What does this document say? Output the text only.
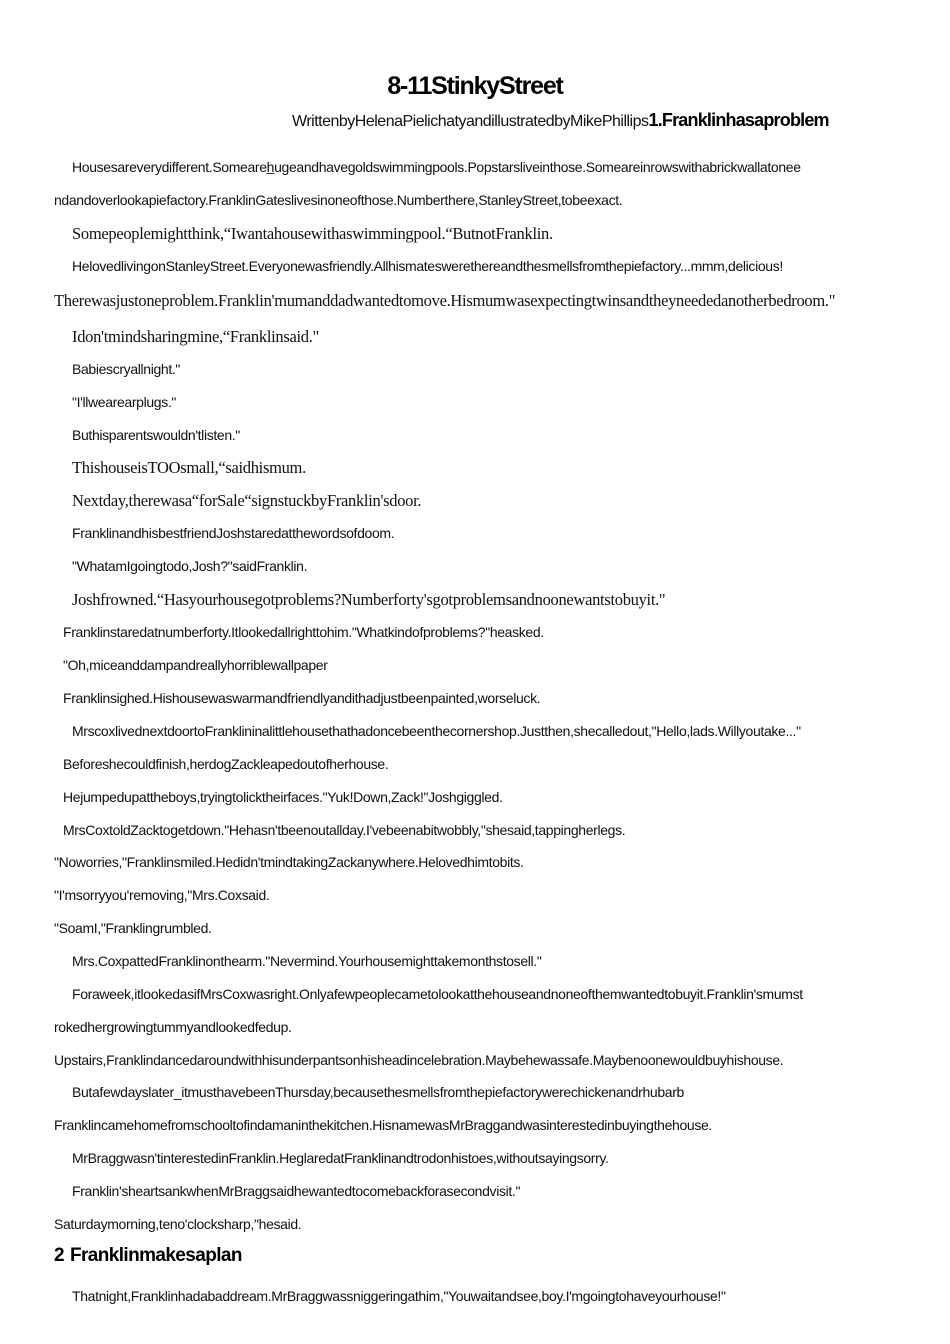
8-11StinkyStreet
WrittenbyHelenaPielichatyandillustratedbyMikePhillips1.Franklinhasaproblem

Housesareverydifferent.Someareh̲ugeandhavegoldswimmingpools.Popstarsliveinthose.Someareinrowswithabrickwallatonee

ndandoverlookapiefactory.FranklinGateslivesinoneofthose.Numberthere,StanleyStreet,tobeexact.

Somepeoplemightthink,“Iwantahousewithaswimmingpool.“ButnotFranklin.

HelovedlivingonStanleyStreet.Everyonewasfriendly.Allhismateswerethereandthesmellsfromthepiefactory...mmm,delicious!

Therewasjustoneproblem.Franklin'mumanddadwantedtomove.Hismumwasexpectingtwinsandtheyneededanotherbedroom."

Idon'tmindsharingmine,“Franklinsaid."

Babiescryallnight."

"I'llwearearplugs."

Buthisparentswouldn'tlisten."

ThishouseisTOOsmall,“saidhismum.

Nextday,therewasa“forSale“signstuckbyFranklin'sdoor.

FranklinandhisbestfriendJoshstaredatthewordsofdoom.

"WhatamIgoingtodo,Josh?"saidFranklin.

Joshfrowned.“Hasyourhousegotproblems?Numberforty'sgotproblemsandnoonewantstobuyit."

Franklinstaredatnumberforty.Itlookedallrighttohim."Whatkindofproblems?"heasked.

"Oh,miceanddampandreallyhorriblewallpaper

Franklinsighed.Hishousewaswarmandfriendlyandithadjustbeenpainted,worseluck.

MrscoxlivednextdoortoFranklininalittlehousethathadoncebeenthecornershop.Justthen,shecalledout,"Hello,lads.Willyoutake..."

Beforeshecouldfinish,herdogZackleapedoutofherhouse.

Hejumpedupattheboys,tryingtolicktheirfaces."Yuk!Down,Zack!"Joshgiggled.

MrsCoxtoldZacktogetdown."Hehasn'tbeenoutallday.I'vebeenabitwobbly,"shesaid,tappingherlegs.

"Noworries,"Franklinsmiled.Hedidn'tmindtakingZackanywhere.Helovedhimtobits.

"I'msorryyou'removing,"Mrs.Coxsaid.

"SoamI,"Franklingrumbled.

Mrs.CoxpattedFranklinonthearm."Nevermind.Yourhousemighttakemonthstosell."

Foraweek,itlookedasifMrsCoxwasright.Onlyafewpeoplecametolookatthehouseandnoneofthemwantedtobuyit.Franklin'smumst

rokedhergrowingtummyandlookedfedup.

Upstairs,Franklindancedaroundwithhisunderpantsonhisheadincelebration.Maybehewassafe.Maybenoonewouldbuyhishouse.

Butafewdayslater_itmusthavebeenThursday,becausethesmellsfromthepiefactorywerechickenandrhubarb

Franklincamehomefromschooltofindamaninthekitchen.HisnamewasMrBraggandwasinterestedinbuyingthehouse.

MrBraggwasn'tinterestedinFranklin.HeglaredatFranklinandtrodonhistoes,withoutsayingsorry.

Franklin'sheartsankwhenMrBraggsaidhewantedtocomebackforasecondvisit."

Saturdaymorning,teno'clocksharp,"hesaid.

2 Franklinmakesaplan

Thatnight,Franklinhadabaddream.MrBraggwassniggeringathim,"Youwaitandsee,boy.I'mgoingtohaveyourhouse!"
